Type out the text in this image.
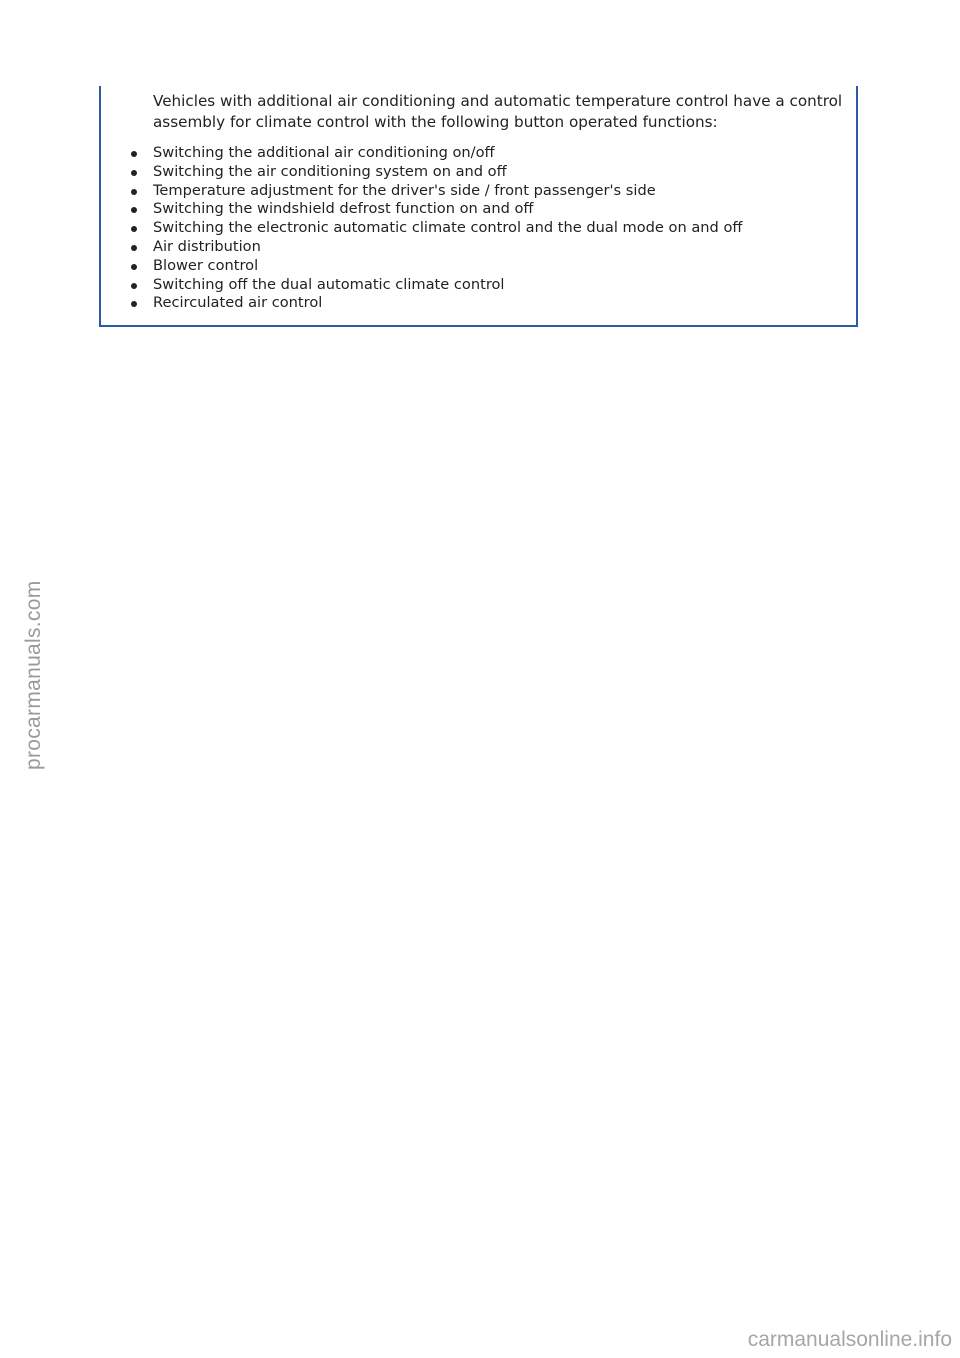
Vehicles with additional air conditioning and automatic temperature control have a control assembly for climate control with the following button operated functions:

Switching the additional air conditioning on/off
Switching the air conditioning system on and off
Temperature adjustment for the driver's side / front passenger's side
Switching the windshield defrost function on and off
Switching the electronic automatic climate control and the dual mode on and off
Air distribution
Blower control
Switching off the dual automatic climate control
Recirculated air control
procarmanuals.com
carmanualsonline.info
